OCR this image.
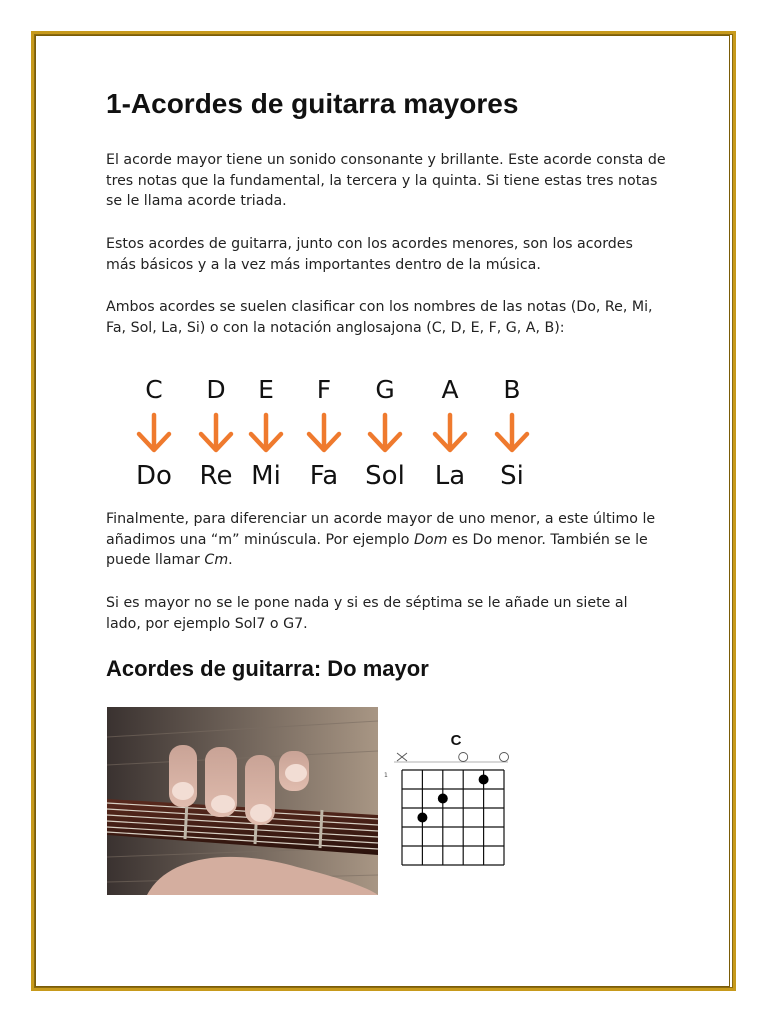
1-Acordes de guitarra mayores

El acorde mayor tiene un sonido consonante y brillante. Este acorde consta de tres notas que la fundamental, la tercera y la quinta. Si tiene estas tres notas se le llama acorde triada.

Estos acordes de guitarra, junto con los acordes menores, son los acordes más básicos y a la vez más importantes dentro de la música.

Ambos acordes se suelen clasificar con los nombres de las notas (Do, Re, Mi, Fa, Sol, La, Si) o con la notación anglosajona (C, D, E, F, G, A, B):

C
Do
D
Re
E
Mi
F
Fa
G
Sol
A
La
B
Si

Finalmente, para diferenciar un acorde mayor de uno menor, a este último le añadimos una “m” minúscula. Por ejemplo Dom es Do menor. También se le puede llamar Cm.

Si es mayor no se le pone nada y si es de séptima se le añade un siete al lado, por ejemplo Sol7 o G7.

Acordes de guitarra: Do mayor
C
1
